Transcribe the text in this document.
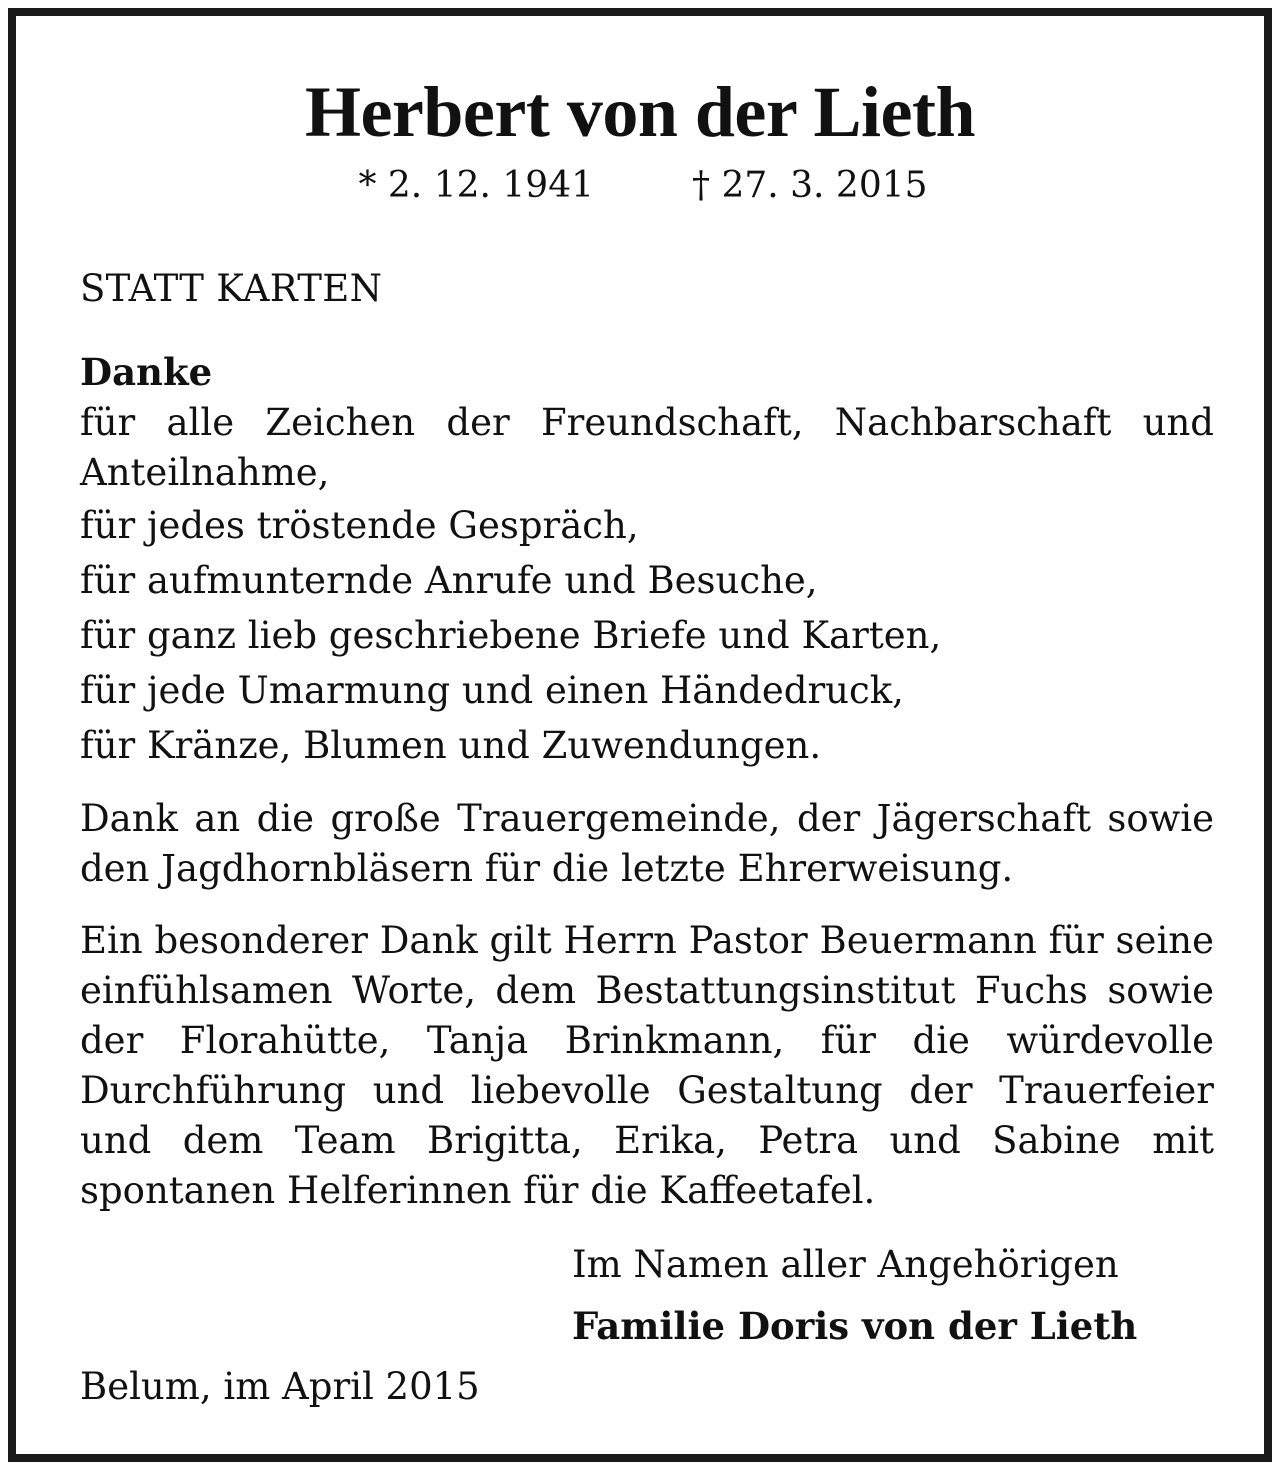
Herbert von der Lieth
* 2. 12. 1941	† 27. 3. 2015
STATT KARTEN
Danke
für alle Zeichen der Freundschaft, Nachbarschaft und Anteilnahme,
für jedes tröstende Gespräch,
für aufmunternde Anrufe und Besuche,
für ganz lieb geschriebene Briefe und Karten,
für jede Umarmung und einen Händedruck,
für Kränze, Blumen und Zuwendungen.
Dank an die große Trauergemeinde, der Jägerschaft sowie den Jagdhornbläsern für die letzte Ehrerweisung.
Ein besonderer Dank gilt Herrn Pastor Beuermann für seine einfühlsamen Worte, dem Bestattungsinstitut Fuchs sowie der Florahütte, Tanja Brinkmann, für die würdevolle Durchführung und liebevolle Gestaltung der Trauerfeier und dem Team Brigitta, Erika, Petra und Sabine mit spontanen Helferinnen für die Kaffeetafel.
Im Namen aller Angehörigen
Familie Doris von der Lieth
Belum, im April 2015
